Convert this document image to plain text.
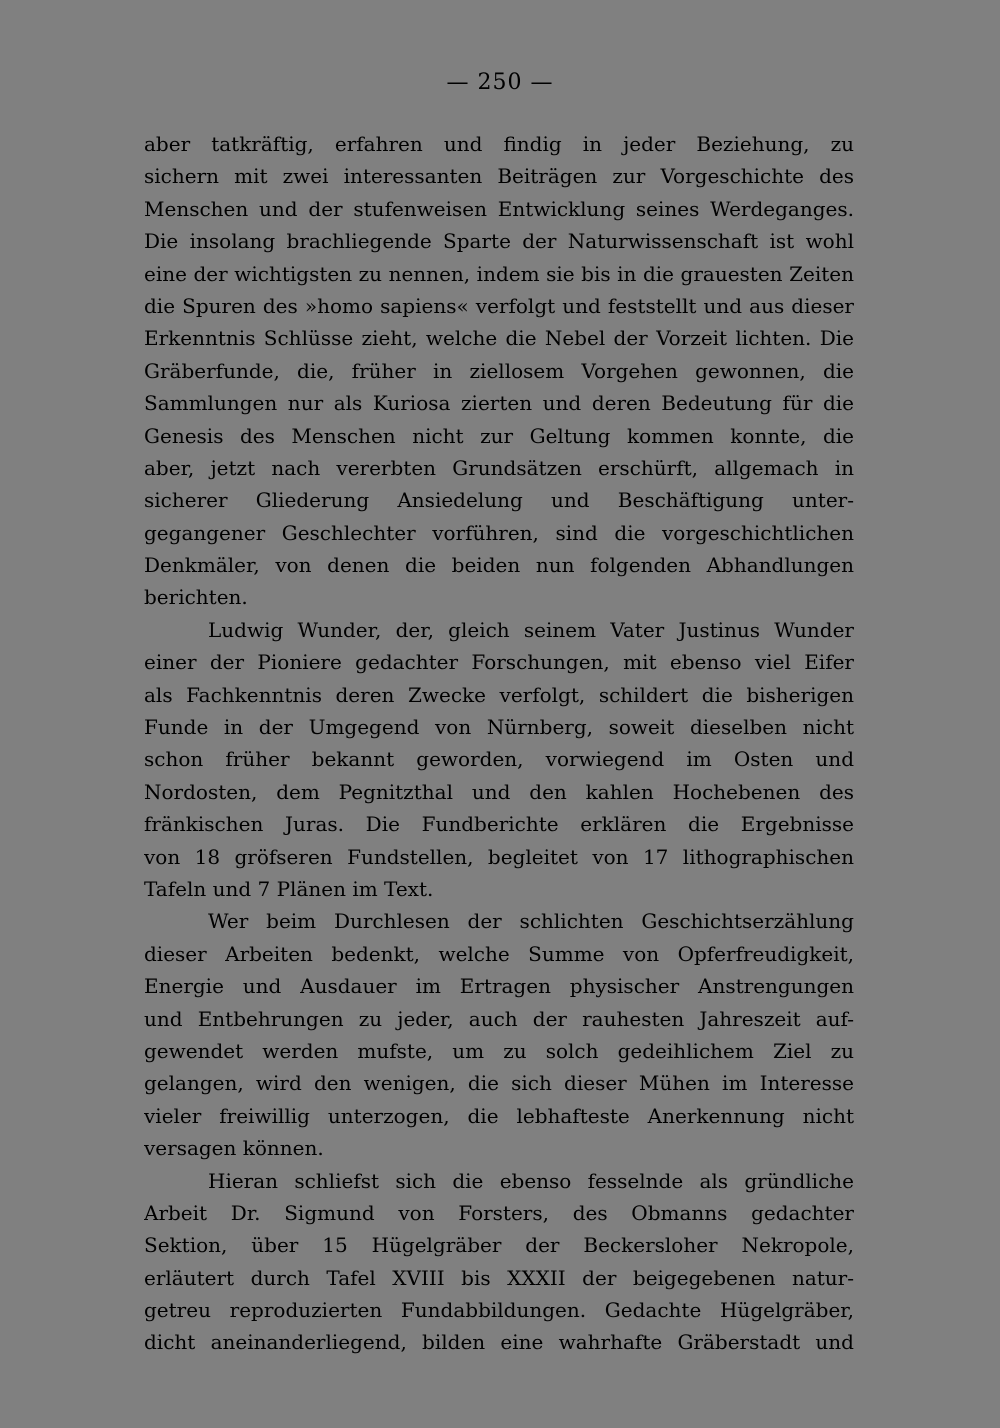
— 250 —
aber tatkräftig, erfahren und findig in jeder Beziehung, zu
sichern mit zwei interessanten Beiträgen zur Vorgeschichte des
Menschen und der stufenweisen Entwicklung seines Werdeganges.
Die insolang brachliegende Sparte der Naturwissenschaft ist wohl
eine der wichtigsten zu nennen, indem sie bis in die grauesten Zeiten
die Spuren des »homo sapiens« verfolgt und feststellt und aus dieser
Erkenntnis Schlüsse zieht, welche die Nebel der Vorzeit lichten. Die
Gräberfunde, die, früher in ziellosem Vorgehen gewonnen, die
Sammlungen nur als Kuriosa zierten und deren Bedeutung für die
Genesis des Menschen nicht zur Geltung kommen konnte, die
aber, jetzt nach vererbten Grundsätzen erschürft, allgemach in
sicherer Gliederung Ansiedelung und Beschäftigung unter-
gegangener Geschlechter vorführen, sind die vorgeschichtlichen
Denkmäler, von denen die beiden nun folgenden Abhandlungen
berichten.
Ludwig Wunder, der, gleich seinem Vater Justinus Wunder
einer der Pioniere gedachter Forschungen, mit ebenso viel Eifer
als Fachkenntnis deren Zwecke verfolgt, schildert die bisherigen
Funde in der Umgegend von Nürnberg, soweit dieselben nicht
schon früher bekannt geworden, vorwiegend im Osten und
Nordosten, dem Pegnitzthal und den kahlen Hochebenen des
fränkischen Juras. Die Fundberichte erklären die Ergebnisse
von 18 gröfseren Fundstellen, begleitet von 17 lithographischen
Tafeln und 7 Plänen im Text.
Wer beim Durchlesen der schlichten Geschichtserzählung
dieser Arbeiten bedenkt, welche Summe von Opferfreudigkeit,
Energie und Ausdauer im Ertragen physischer Anstrengungen
und Entbehrungen zu jeder, auch der rauhesten Jahreszeit auf-
gewendet werden mufste, um zu solch gedeihlichem Ziel zu
gelangen, wird den wenigen, die sich dieser Mühen im Interesse
vieler freiwillig unterzogen, die lebhafteste Anerkennung nicht
versagen können.
Hieran schliefst sich die ebenso fesselnde als gründliche
Arbeit Dr. Sigmund von Forsters, des Obmanns gedachter
Sektion, über 15 Hügelgräber der Beckersloher Nekropole,
erläutert durch Tafel XVIII bis XXXII der beigegebenen natur-
getreu reproduzierten Fundabbildungen. Gedachte Hügelgräber,
dicht aneinanderliegend, bilden eine wahrhafte Gräberstadt und
